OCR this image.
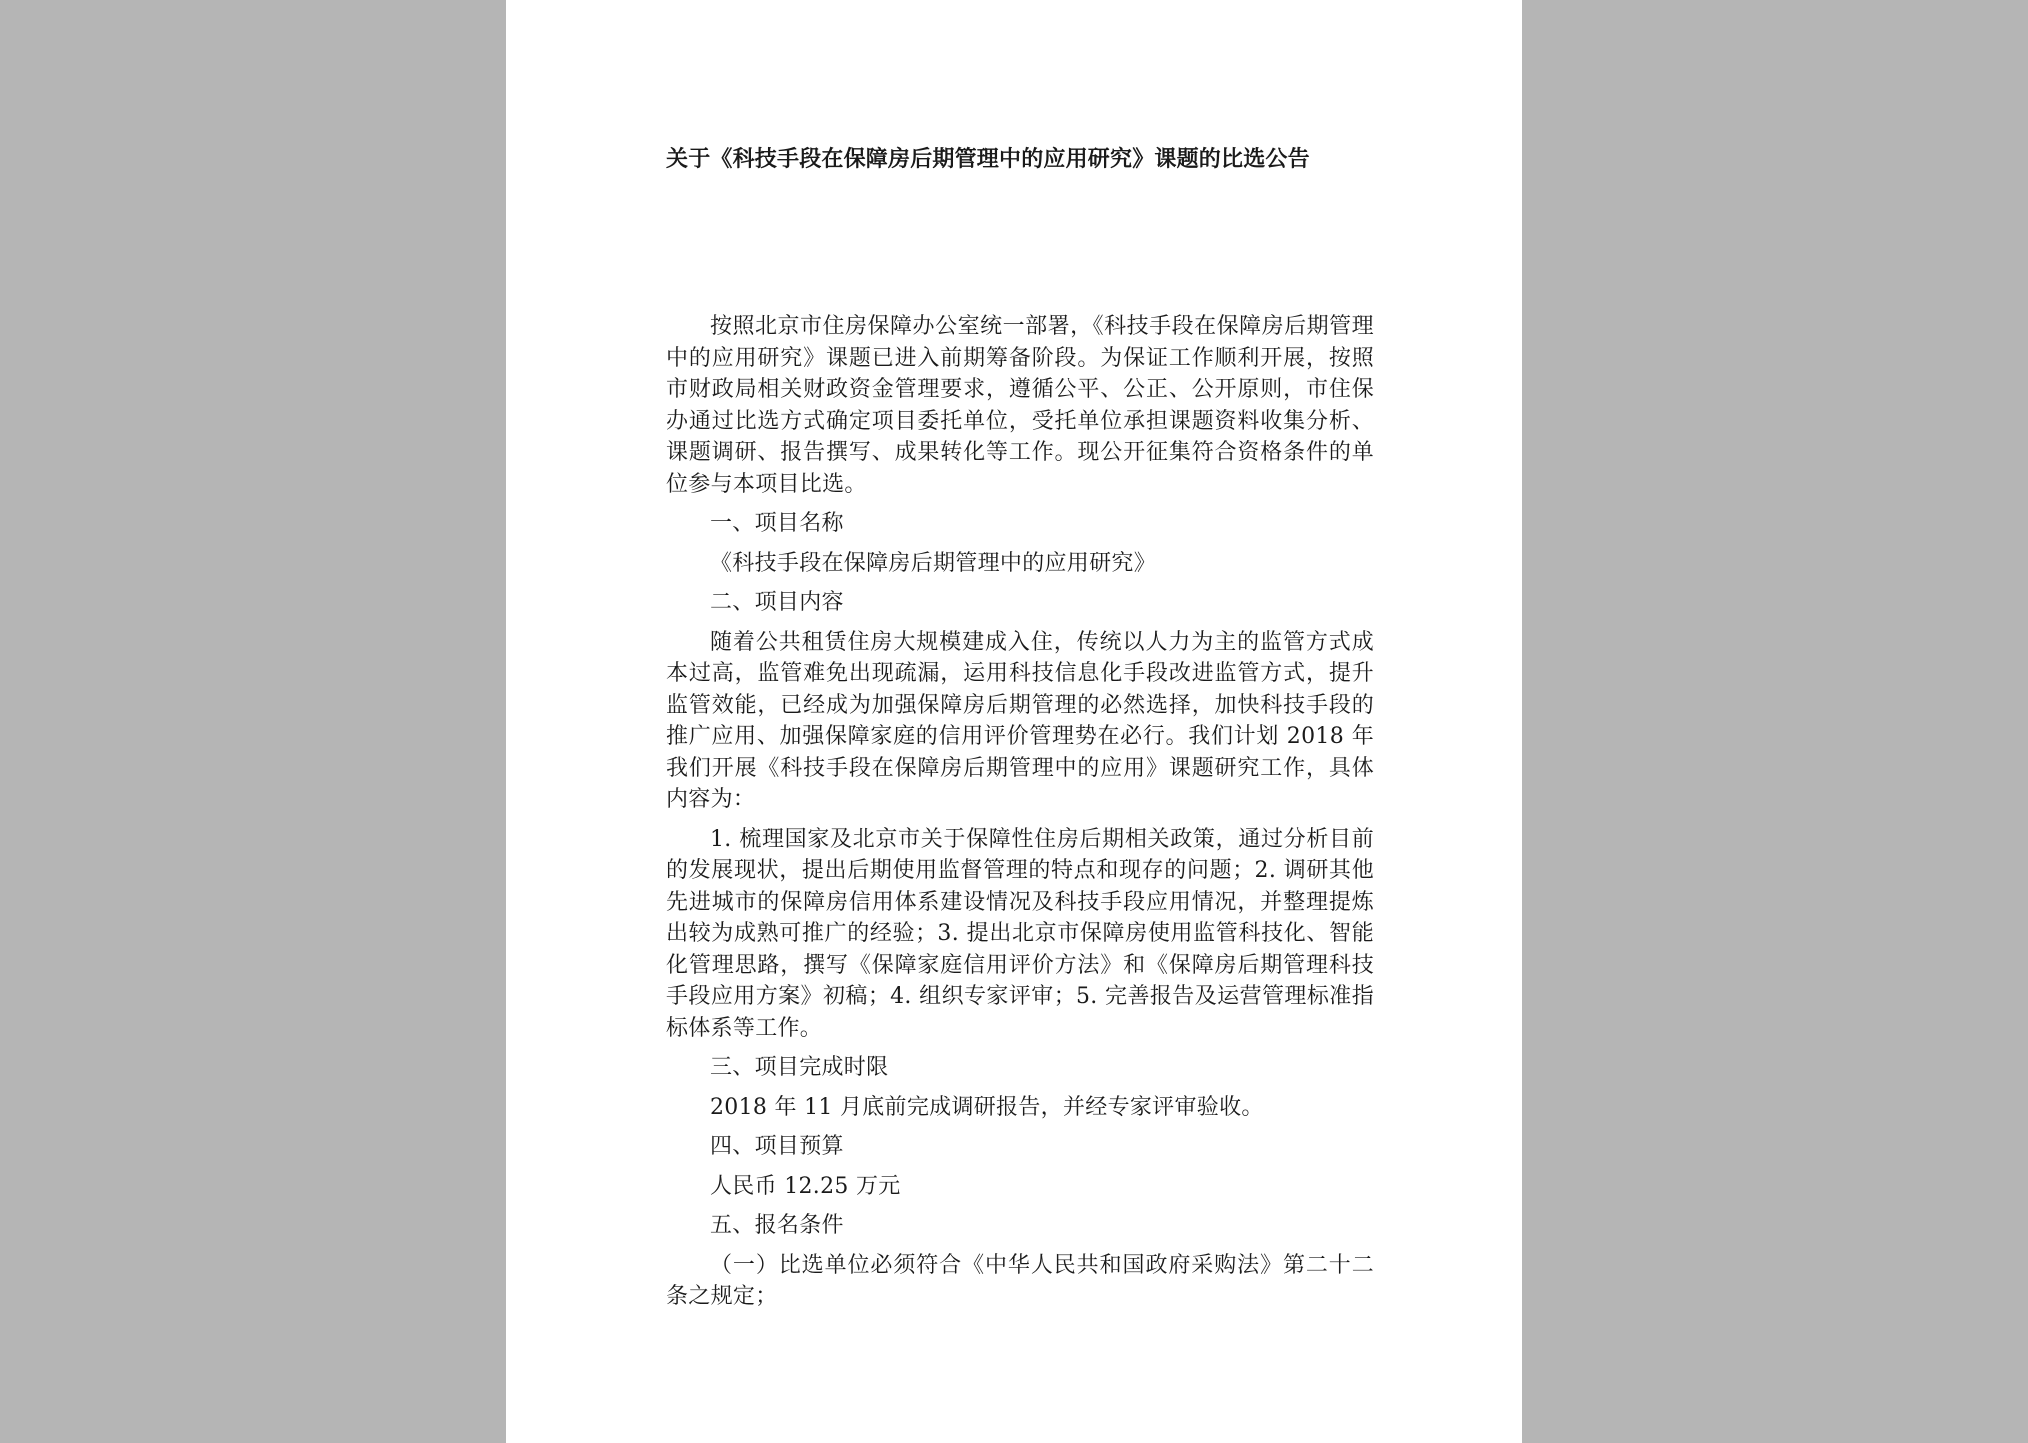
关于《科技手段在保障房后期管理中的应用研究》课题的比选公告

按照北京市住房保障办公室统一部署，《科技手段在保障房后期管理中的应用研究》课题已进入前期筹备阶段。为保证工作顺利开展，按照市财政局相关财政资金管理要求，遵循公平、公正、公开原则，市住保办通过比选方式确定项目委托单位，受托单位承担课题资料收集分析、课题调研、报告撰写、成果转化等工作。现公开征集符合资格条件的单位参与本项目比选。

一、项目名称

《科技手段在保障房后期管理中的应用研究》

二、项目内容

随着公共租赁住房大规模建成入住，传统以人力为主的监管方式成本过高，监管难免出现疏漏，运用科技信息化手段改进监管方式，提升监管效能，已经成为加强保障房后期管理的必然选择，加快科技手段的推广应用、加强保障家庭的信用评价管理势在必行。我们计划 2018 年我们开展《科技手段在保障房后期管理中的应用》课题研究工作，具体内容为：

1. 梳理国家及北京市关于保障性住房后期相关政策，通过分析目前的发展现状，提出后期使用监督管理的特点和现存的问题；2. 调研其他先进城市的保障房信用体系建设情况及科技手段应用情况，并整理提炼出较为成熟可推广的经验；3. 提出北京市保障房使用监管科技化、智能化管理思路，撰写《保障家庭信用评价方法》和《保障房后期管理科技手段应用方案》初稿；4. 组织专家评审；5. 完善报告及运营管理标准指标体系等工作。

三、项目完成时限

2018 年 11 月底前完成调研报告，并经专家评审验收。

四、项目预算

人民币 12.25 万元

五、报名条件

（一）比选单位必须符合《中华人民共和国政府采购法》第二十二条之规定；
